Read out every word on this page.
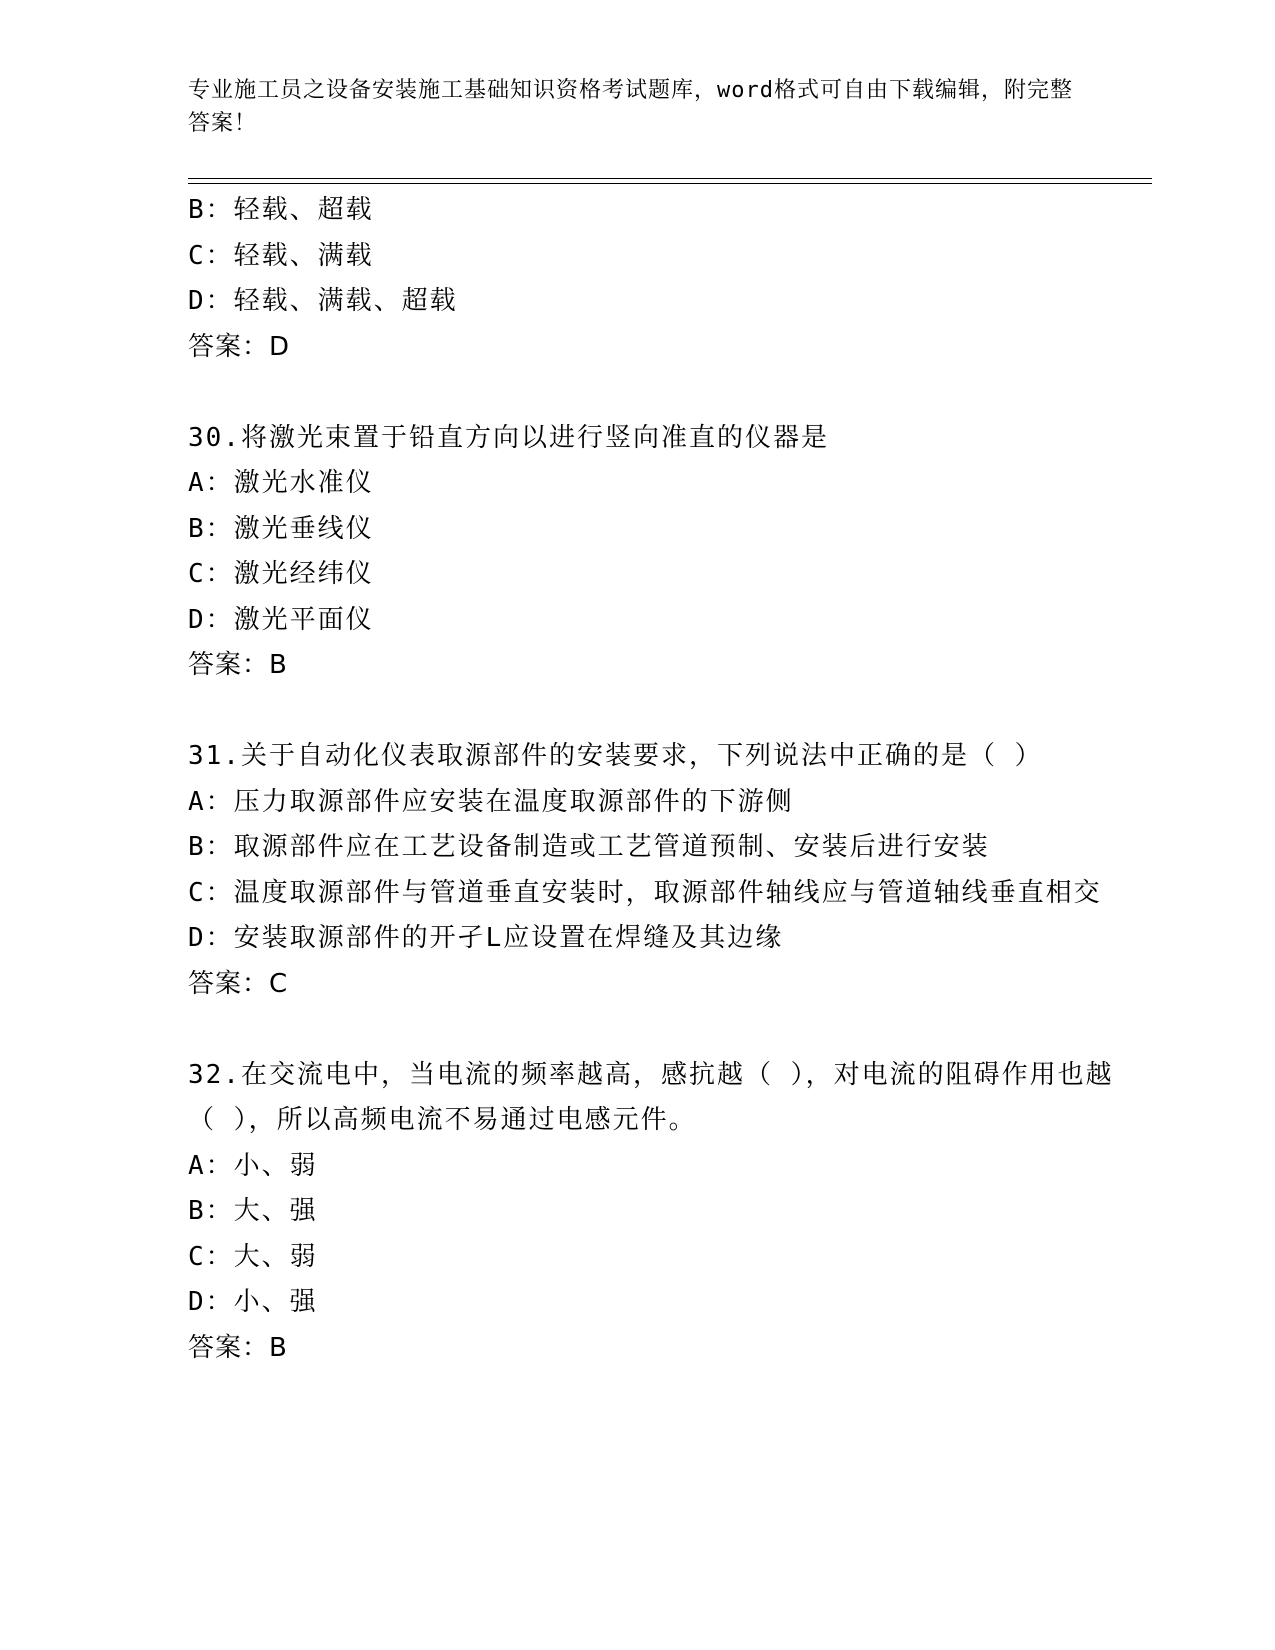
专业施工员之设备安装施工基础知识资格考试题库，word格式可自由下载编辑，附完整答案！

B：轻载、超载

C：轻载、满载

D：轻载、满载、超载

答案：D

30.将激光束置于铅直方向以进行竖向准直的仪器是

A：激光水准仪

B：激光垂线仪

C：激光经纬仪

D：激光平面仪

答案：B

31.关于自动化仪表取源部件的安装要求，下列说法中正确的是（ ）

A：压力取源部件应安装在温度取源部件的下游侧

B：取源部件应在工艺设备制造或工艺管道预制、安装后进行安装

C：温度取源部件与管道垂直安装时，取源部件轴线应与管道轴线垂直相交

D：安装取源部件的开孑L应设置在焊缝及其边缘

答案：C

32.在交流电中，当电流的频率越高，感抗越（ ），对电流的阻碍作用也越（ ），所以高频电流不易通过电感元件。

A：小、弱

B：大、强

C：大、弱

D：小、强

答案：B
